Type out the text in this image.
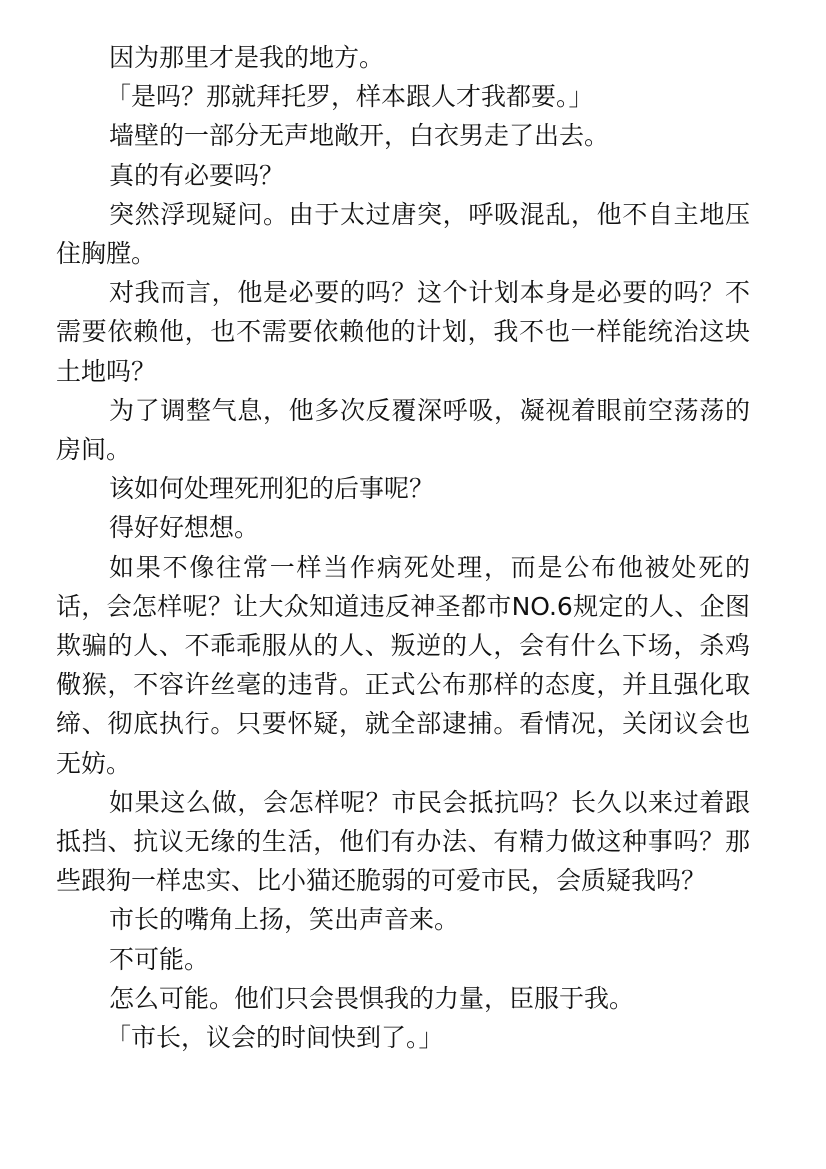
因为那里才是我的地方。

「是吗？那就拜托罗，样本跟人才我都要。」

墙壁的一部分无声地敞开，白衣男走了出去。

真的有必要吗？

突然浮现疑问。由于太过唐突，呼吸混乱，他不自主地压住胸膛。

对我而言，他是必要的吗？这个计划本身是必要的吗？不需要依赖他，也不需要依赖他的计划，我不也一样能统治这块土地吗？

为了调整气息，他多次反覆深呼吸，凝视着眼前空荡荡的房间。

该如何处理死刑犯的后事呢？

得好好想想。

如果不像往常一样当作病死处理，而是公布他被处死的话，会怎样呢？让大众知道违反神圣都市NO.6规定的人、企图欺骗的人、不乖乖服从的人、叛逆的人，会有什么下场，杀鸡儆猴，不容许丝毫的违背。正式公布那样的态度，并且强化取缔、彻底执行。只要怀疑，就全部逮捕。看情况，关闭议会也无妨。

如果这么做，会怎样呢？市民会抵抗吗？长久以来过着跟抵挡、抗议无缘的生活，他们有办法、有精力做这种事吗？那些跟狗一样忠实、比小猫还脆弱的可爱市民，会质疑我吗？

市长的嘴角上扬，笑出声音来。

不可能。

怎么可能。他们只会畏惧我的力量，臣服于我。

「市长，议会的时间快到了。」
